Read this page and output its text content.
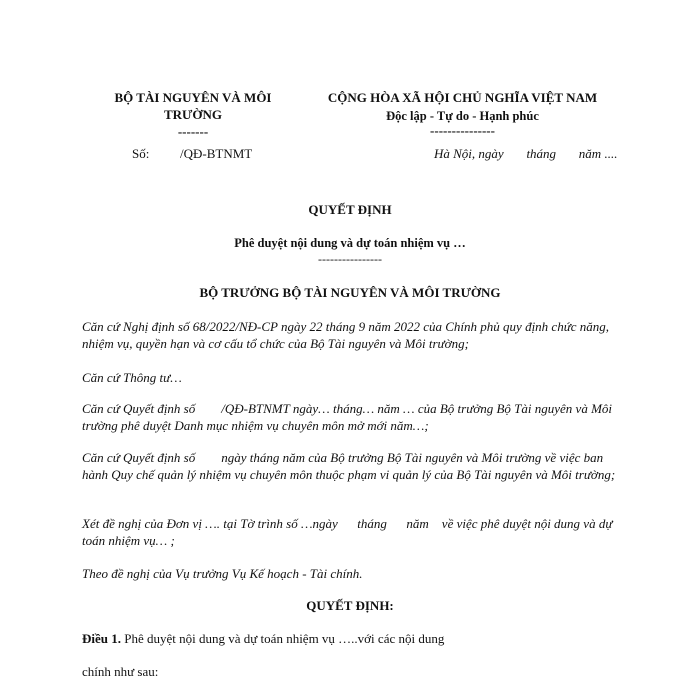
BỘ TÀI NGUYÊN VÀ MÔI
TRƯỜNG
-------
CỘNG HÒA XÃ HỘI CHỦ NGHĨA VIỆT NAM
Độc lập - Tự do - Hạnh phúc
---------------
Số: /QĐ-BTNMT	Hà Nội, ngày       tháng       năm ....
QUYẾT ĐỊNH
Phê duyệt nội dung và dự toán nhiệm vụ …
----------------
BỘ TRƯỞNG BỘ TÀI NGUYÊN VÀ MÔI TRƯỜNG
Căn cứ Nghị định số 68/2022/NĐ-CP ngày 22 tháng 9 năm 2022 của Chính phủ quy định chức năng, nhiệm vụ, quyền hạn và cơ cấu tổ chức của Bộ Tài nguyên và Môi trường;
Căn cứ Thông tư…
Căn cứ Quyết định số        /QĐ-BTNMT ngày… tháng… năm … của Bộ trưởng Bộ Tài nguyên và Môi trường phê duyệt Danh mục nhiệm vụ chuyên môn mở mới năm…;
Căn cứ Quyết định số        ngày tháng năm của Bộ trưởng Bộ Tài nguyên và Môi trường về việc ban hành Quy chế quản lý nhiệm vụ chuyên môn thuộc phạm vi quản lý của Bộ Tài nguyên và Môi trường;
Xét đề nghị của Đơn vị …. tại Tờ trình số …ngày      tháng      năm    về việc phê duyệt nội dung và dự toán nhiệm vụ… ;
Theo đề nghị của Vụ trưởng Vụ Kế hoạch - Tài chính.
QUYẾT ĐỊNH:
Điều 1. Phê duyệt nội dung và dự toán nhiệm vụ …..với các nội dung
chính như sau:
